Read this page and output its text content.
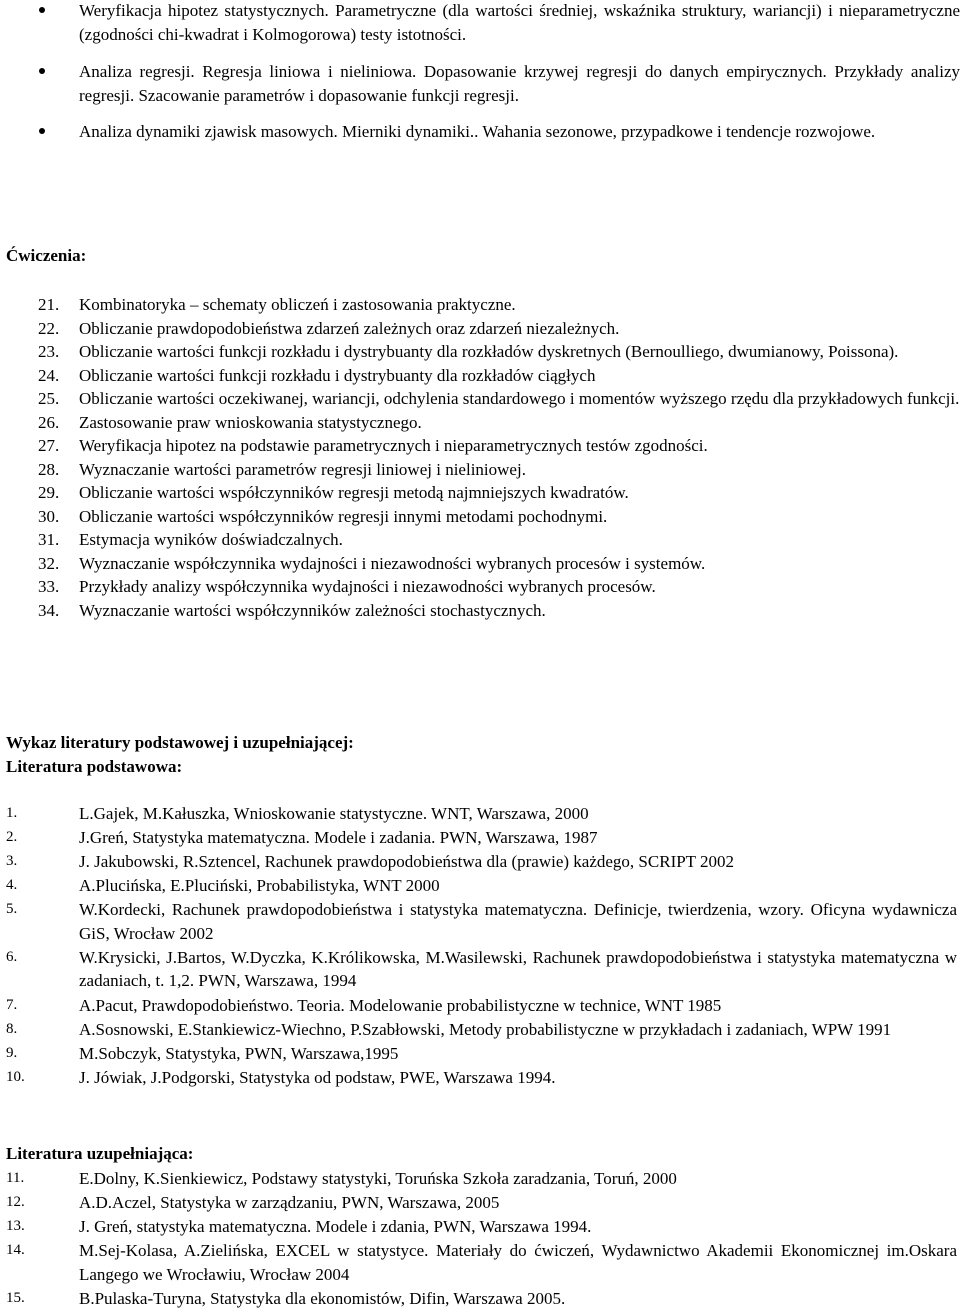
Weryfikacja hipotez statystycznych. Parametryczne (dla wartości średniej, wskaźnika struktury, wariancji) i nieparametryczne (zgodności chi-kwadrat i Kolmogorowa) testy istotności.
Analiza regresji. Regresja liniowa i nieliniowa. Dopasowanie krzywej regresji do danych empirycznych. Przykłady analizy regresji. Szacowanie parametrów i dopasowanie funkcji regresji.
Analiza dynamiki zjawisk masowych. Mierniki dynamiki.. Wahania sezonowe, przypadkowe i tendencje rozwojowe.
Ćwiczenia:
21. Kombinatoryka – schematy obliczeń i zastosowania praktyczne.
22. Obliczanie prawdopodobieństwa zdarzeń zależnych oraz zdarzeń niezależnych.
23. Obliczanie wartości funkcji rozkładu i dystrybuanty dla rozkładów dyskretnych (Bernoulliego, dwumianowy, Poissona).
24. Obliczanie wartości funkcji rozkładu i dystrybuanty dla rozkładów ciągłych
25. Obliczanie wartości oczekiwanej, wariancji, odchylenia standardowego i momentów wyższego rzędu dla przykładowych funkcji.
26. Zastosowanie praw wnioskowania statystycznego.
27. Weryfikacja hipotez na podstawie parametrycznych i nieparametrycznych testów zgodności.
28. Wyznaczanie wartości parametrów regresji liniowej i nieliniowej.
29. Obliczanie wartości współczynników regresji metodą najmniejszych kwadratów.
30. Obliczanie wartości współczynników regresji innymi metodami pochodnymi.
31. Estymacja wyników doświadczalnych.
32. Wyznaczanie współczynnika wydajności i niezawodności wybranych procesów i systemów.
33. Przykłady analizy współczynnika wydajności i niezawodności wybranych procesów.
34. Wyznaczanie wartości współczynników zależności stochastycznych.
Wykaz literatury podstawowej i uzupełniającej:
Literatura podstawowa:
1.	L.Gajek, M.Kałuszka, Wnioskowanie statystyczne. WNT, Warszawa, 2000
2.	J.Greń, Statystyka matematyczna. Modele i zadania. PWN, Warszawa, 1987
3.	J. Jakubowski, R.Sztencel, Rachunek prawdopodobieństwa dla (prawie) każdego, SCRIPT 2002
4.	A.Plucińska, E.Pluciński, Probabilistyka, WNT 2000
5.	W.Kordecki, Rachunek prawdopodobieństwa i statystyka matematyczna. Definicje, twierdzenia, wzory. Oficyna wydawnicza GiS, Wrocław 2002
6.	W.Krysicki, J.Bartos, W.Dyczka, K.Królikowska, M.Wasilewski, Rachunek prawdopodobieństwa i statystyka matematyczna w zadaniach, t. 1,2. PWN, Warszawa, 1994
7.	A.Pacut, Prawdopodobieństwo. Teoria. Modelowanie probabilistyczne w technice, WNT 1985
8.	A.Sosnowski, E.Stankiewicz-Wiechno, P.Szabłowski, Metody probabilistyczne w przykładach i zadaniach, WPW 1991
9.	M.Sobczyk, Statystyka, PWN, Warszawa,1995
10.	J. Jówiak, J.Podgorski, Statystyka od podstaw, PWE, Warszawa 1994.
Literatura uzupełniająca:
11.	E.Dolny, K.Sienkiewicz, Podstawy statystyki, Toruńska Szkoła zaradzania, Toruń, 2000
12.	A.D.Aczel, Statystyka w zarządzaniu, PWN, Warszawa, 2005
13.	J. Greń, statystyka matematyczna. Modele i zdania, PWN, Warszawa 1994.
14.	M.Sej-Kolasa, A.Zielińska, EXCEL w statystyce. Materiały do ćwiczeń, Wydawnictwo Akademii Ekonomicznej im.Oskara Langego we Wrocławiu, Wrocław 2004
15.	B.Pulaska-Turyna, Statystyka dla ekonomistów, Difin, Warszawa 2005.
